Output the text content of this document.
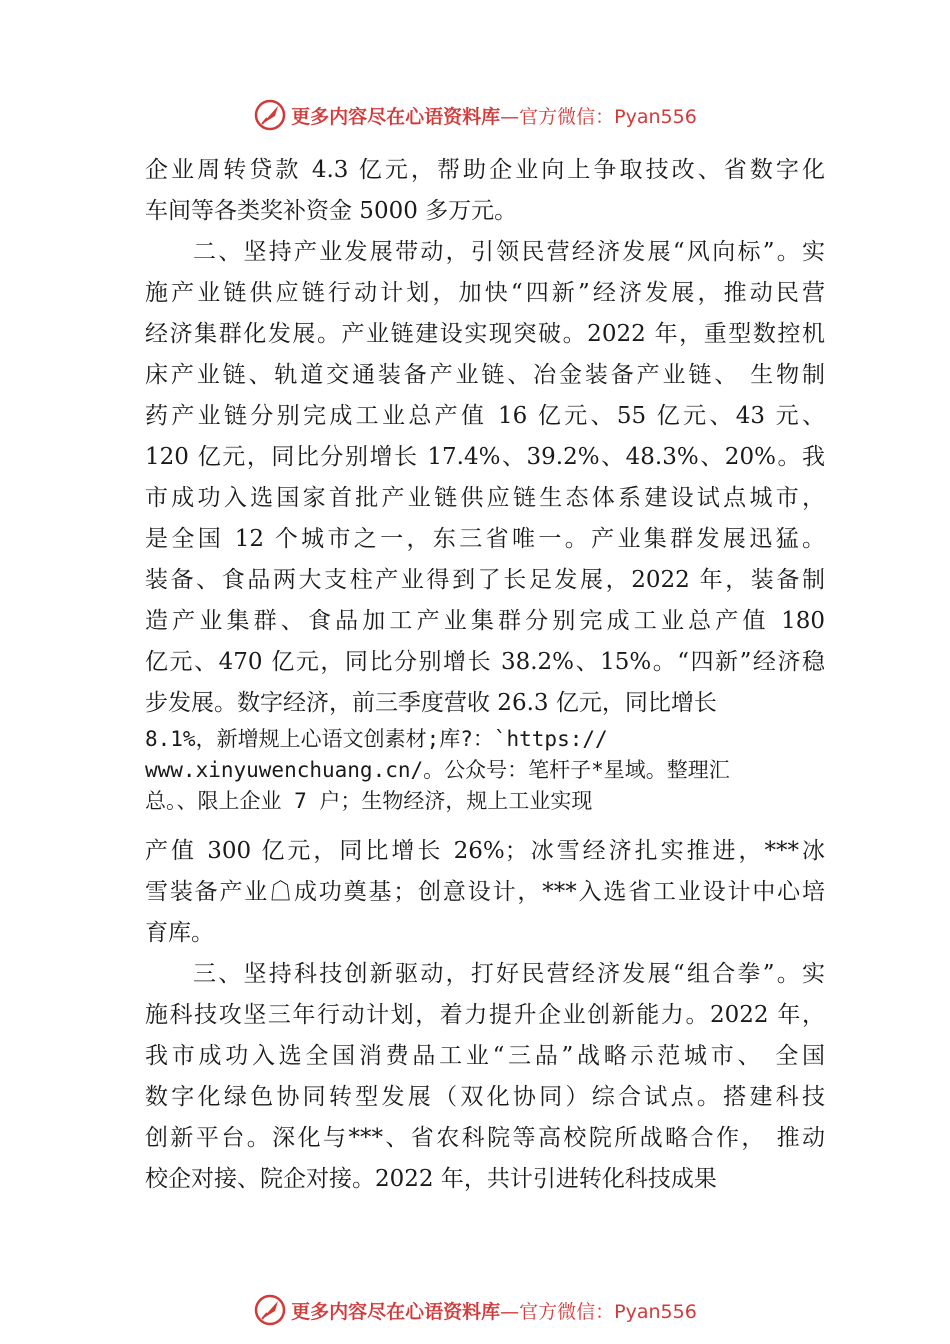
更多内容尽在心语资料库 —官方微信：Pyan556
企业周转贷款 4.3 亿元，帮助企业向上争取技改、省数字化
车间等各类奖补资金 5000 多万元。
二、坚持产业发展带动，引领民营经济发展“风向标”。实
施产业链供应链行动计划，加快“四新”经济发展，推动民营
经济集群化发展。产业链建设实现突破。2022 年，重型数控机
床产业链、轨道交通装备产业链、冶金装备产业链、 生物制
药产业链分别完成工业总产值 16 亿元、55 亿元、43 元、
120 亿元，同比分别增长 17.4%、39.2%、48.3%、20%。我
市成功入选国家首批产业链供应链生态体系建设试点城市，
是全国 12 个城市之一，东三省唯一。产业集群发展迅猛。
装备、食品两大支柱产业得到了长足发展，2022 年，装备制
造产业集群、食品加工产业集群分别完成工业总产值 180
亿元、470 亿元，同比分别增长 38.2%、15%。“四新”经济稳
步发展。数字经济，前三季度营收 26.3 亿元，同比增长
8.1%，新增规上心语文创素材;库?：`https://
www.xinyuwenchuang.cn/。公众号：笔杆子*星域。整理汇
总。、限上企业 7 户；生物经济，规上工业实现
产值 300 亿元，同比增长 26%；冰雪经济扎实推进，***冰
雪装备产业☖成功奠基；创意设计，***入选省工业设计中心培
育库。
三、坚持科技创新驱动，打好民营经济发展“组合拳”。实
施科技攻坚三年行动计划，着力提升企业创新能力。2022 年，
我市成功入选全国消费品工业“三品”战略示范城市、 全国
数字化绿色协同转型发展（双化协同）综合试点。搭建科技
创新平台。深化与***、省农科院等高校院所战略合作， 推动
校企对接、院企对接。2022 年，共计引进转化科技成果
更多内容尽在心语资料库 —官方微信：Pyan556
